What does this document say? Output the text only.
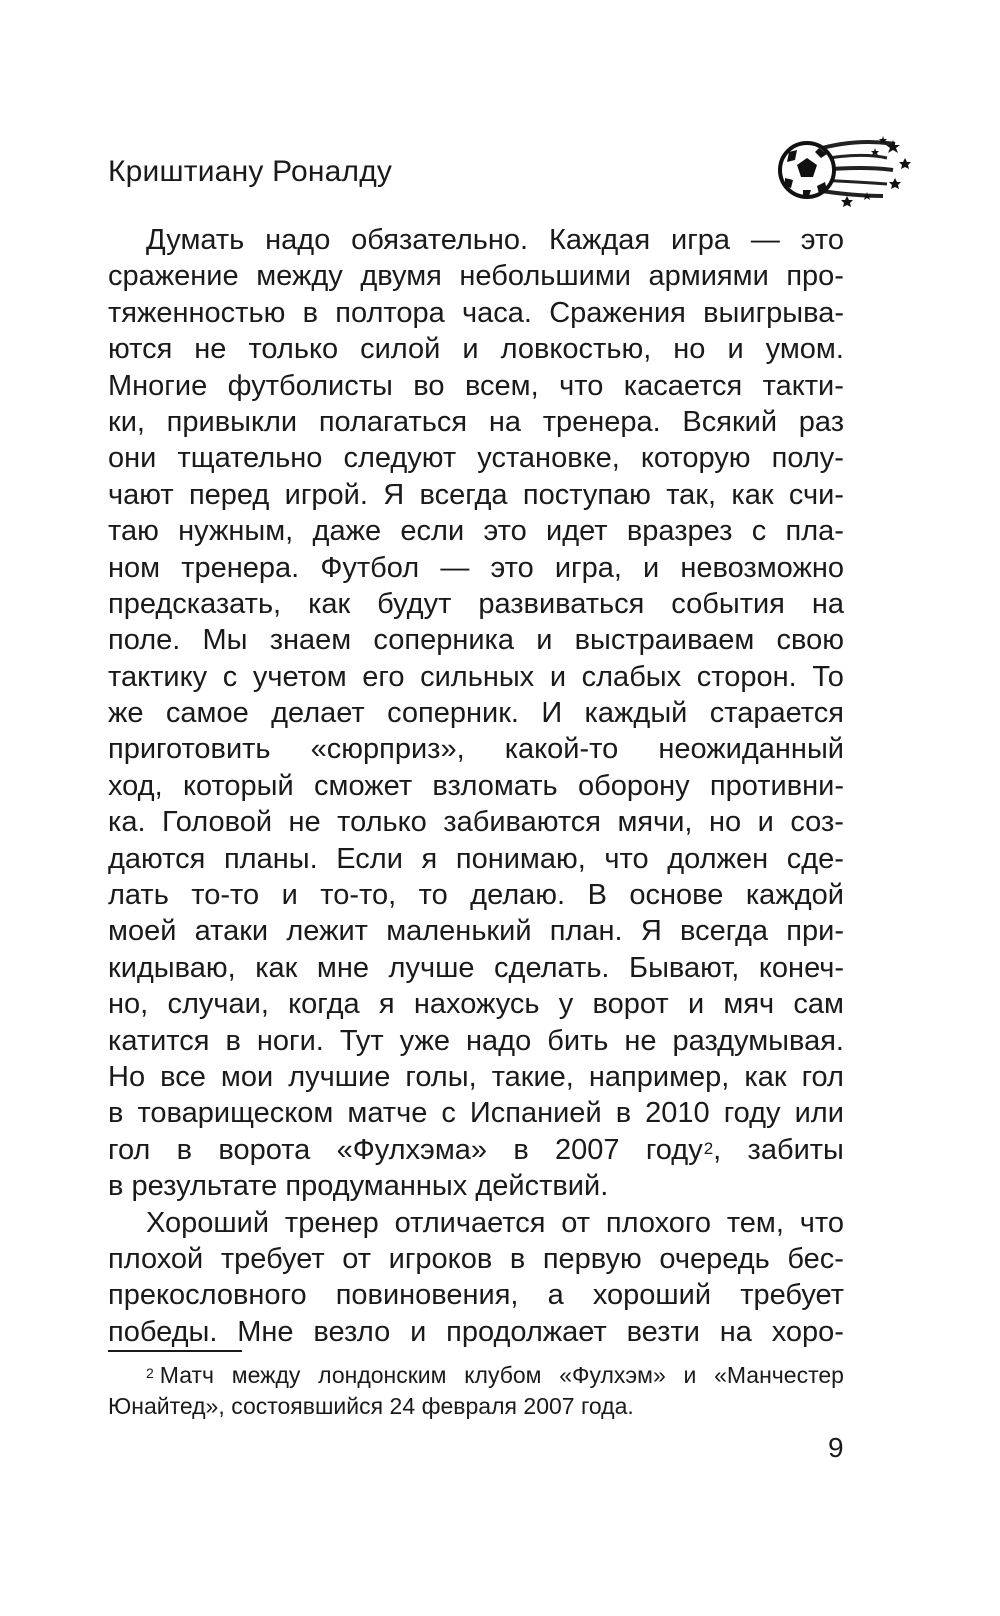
Криштиану Роналду
Думать надо обязательно. Каждая игра — это
сражение между двумя небольшими армиями про-
тяженностью в полтора часа. Сражения выигрыва-
ются не только силой и ловкостью, но и умом.
Многие футболисты во всем, что касается такти-
ки, привыкли полагаться на тренера. Всякий раз
они тщательно следуют установке, которую полу-
чают перед игрой. Я всегда поступаю так, как счи-
таю нужным, даже если это идет вразрез с пла-
ном тренера. Футбол — это игра, и невозможно
предсказать, как будут развиваться события на
поле. Мы знаем соперника и выстраиваем свою
тактику с учетом его сильных и слабых сторон. То
же самое делает соперник. И каждый старается
приготовить «сюрприз», какой-то неожиданный
ход, который сможет взломать оборону противни-
ка. Головой не только забиваются мячи, но и соз-
даются планы. Если я понимаю, что должен сде-
лать то-то и то-то, то делаю. В основе каждой
моей атаки лежит маленький план. Я всегда при-
кидываю, как мне лучше сделать. Бывают, конеч-
но, случаи, когда я нахожусь у ворот и мяч сам
катится в ноги. Тут уже надо бить не раздумывая.
Но все мои лучшие голы, такие, например, как гол
в товарищеском матче с Испанией в 2010 году или
гол в ворота «Фулхэма» в 2007 году$^2$, забиты
в результате продуманных действий.
Хороший тренер отличается от плохого тем, что
плохой требует от игроков в первую очередь бес-
прекословного повиновения, а хороший требует
победы. Мне везло и продолжает везти на хоро-
$^2$ Матч между лондонским клубом «Фулхэм» и «Манчестер
Юнайтед», состоявшийся 24 февраля 2007 года.
9
